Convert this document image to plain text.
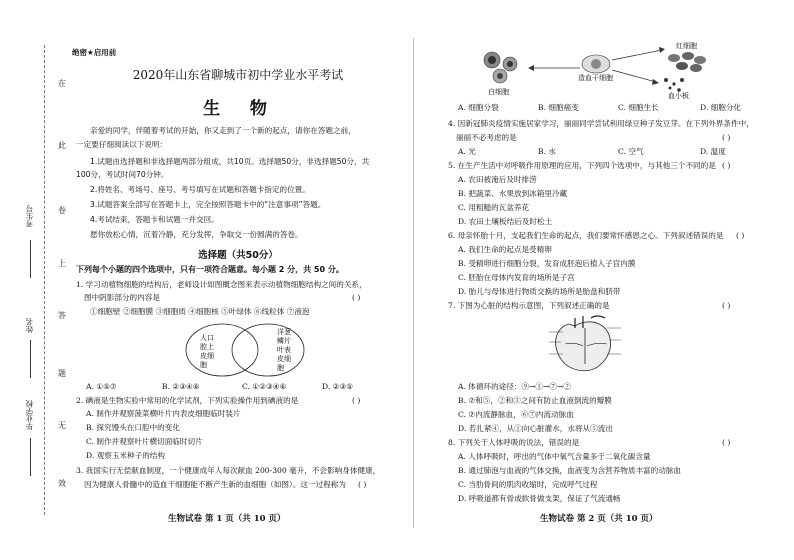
在
此
卷
上
答
题
无
效
考生号
姓名
毕业学校
绝密★启用前
2020年山东省聊城市初中学业水平考试
生  物
亲爱的同学，伴随着考试的开始，你又走到了一个新的起点，请你在答题之前，
一定要仔细阅读以下说明：
1.试题由选择题和非选择题两部分组成，共10页。选择题50分，非选择题50分，共
100分，考试时间70分钟。
2.将姓名、考场号、座号、考号填写在试题和答题卡指定的位置。
3.试题答案全部写在答题卡上，完全按照答题卡中的“注意事项”答题。
4.考试结束，答题卡和试题一并交回。
愿你放松心情，沉着冷静，充分发挥，争取交一份圆满的答卷。
选择题（共50分）
下列每个小题的四个选项中，只有一项符合题意。每小题 2 分，共 50 分。
1. 学习动植物细胞的结构后，老师设计如图概念图来表示动植物细胞结构之间的关系，
图中阴影部分的内容是	( )
①细胞壁 ②细胞膜 ③细胞质 ④细胞核 ⑤叶绿体 ⑥线粒体 ⑦液泡
人口
腔上
皮细
胞
洋葱
鳞片
叶表
皮细
胞
A. ①⑤⑦	B. ②③④⑥	C. ①②③④⑥	D. ②③⑤
2. 碘液是生物实验中常用的化学试剂，下列实验操作用到碘液的是	( )
A. 制作并观察菠菜横叶片内表皮细胞临时装片
B. 探究馒头在口腔中的变化
C. 制作并观察叶片横切面临时切片
D. 观察玉米种子的结构
3. 我国实行无偿献血制度，一个健康成年人每次献血 200-300 毫升，不会影响身体健康，
因为健康人骨髓中的造血干细胞能不断产生新的血细胞（如图）。这一过程称为 ( )
生物试卷 第 1 页（共 10 页）
白细胞
造血干细胞
红细胞
血小板
A. 细胞分裂	B. 细胞癌变	C. 细胞生长	D. 细胞分化
4. 因新冠肺炎疫情实施居家学习，丽丽同学尝试利用绿豆种子发豆芽。在下列外界条件中，
丽丽不必考虑的是	( )
A. 光	B. 水	C. 空气	D. 温度
5. 在生产生活中对呼吸作用原理的应用，下列四个选项中，与其他三个不同的是 ( )
A. 农田被淹后及时排涝
B. 把蔬菜、水果放到冰箱里冷藏
C. 用粗糙的瓦盆养花
D. 农田土壤板结后及时松土
6. 母亲怀胎十月，支起我们生命的起点，我们要常怀感恩之心。下列叙述错误的是 ( )
A. 我们生命的起点是受精卵
B. 受精卵进行细胞分裂，发育成胚泡后植入子宫内膜
C. 胚胎在母体内发育的场所是子宫
D. 胎儿与母体进行物质交换的场所是胎盘和脐带
7. 下图为心脏的结构示意图，下列叙述正确的是	( )
A. 体循环的途径：⑨→①→⑦→②
B. ⑦和⑤，②和③之间有防止血液倒流的瓣膜
C. ⑦内流静脉血，⑥⑦内流动脉血
D. 若扎紧④，从①向心脏灌水，水将从⑤流出
8. 下列关于人体呼吸的说法，错误的是	( )
A. 人体呼吸时，呼出的气体中氧气含量多于二氧化碳含量
B. 通过肺泡与血液的气体交换，血液变为含营养物质丰富的动脉血
C. 当肋骨间的肌肉收缩时，完成呼气过程
D. 呼吸道都有骨或软骨做支架，保证了气流通畅
生物试卷 第 2 页（共 10 页）
